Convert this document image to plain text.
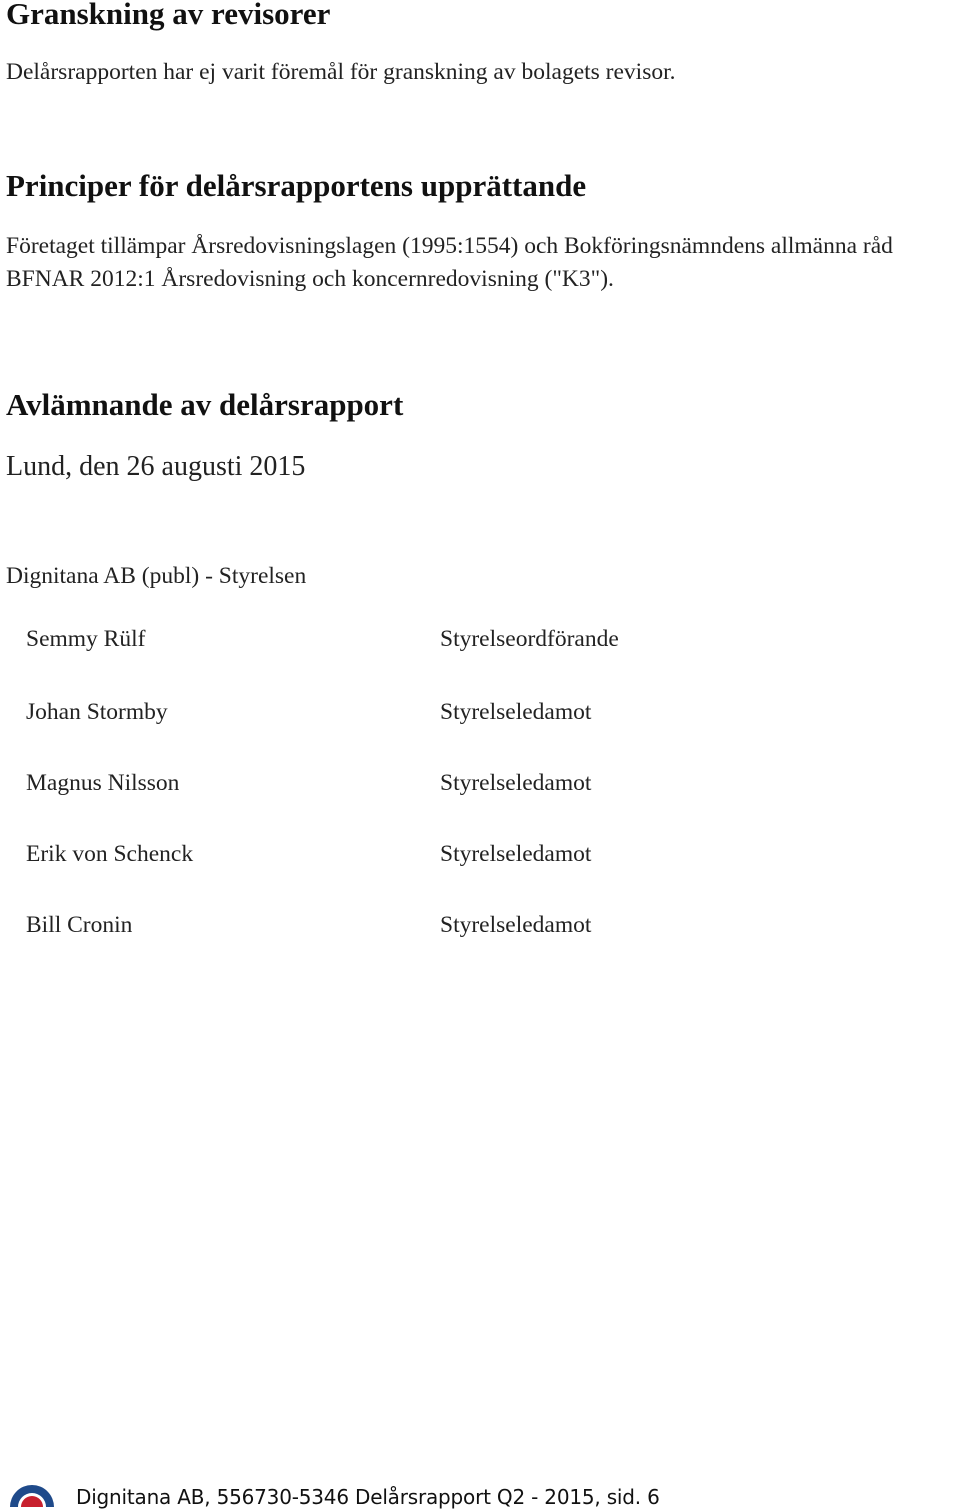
Granskning av revisorer
Delårsrapporten har ej varit föremål för granskning av bolagets revisor.
Principer för delårsrapportens upprättande
Företaget tillämpar Årsredovisningslagen (1995:1554) och Bokföringsnämndens allmänna råd
BFNAR 2012:1 Årsredovisning och koncernredovisning ("K3").
Avlämnande av delårsrapport
Lund, den 26 augusti 2015
Dignitana AB (publ) - Styrelsen
Semmy Rülf	Styrelseordförande
Johan Stormby	Styrelseledamot
Magnus Nilsson	Styrelseledamot
Erik von Schenck	Styrelseledamot
Bill Cronin	Styrelseledamot
Dignitana AB, 556730-5346 Delårsrapport Q2 - 2015, sid. 6
